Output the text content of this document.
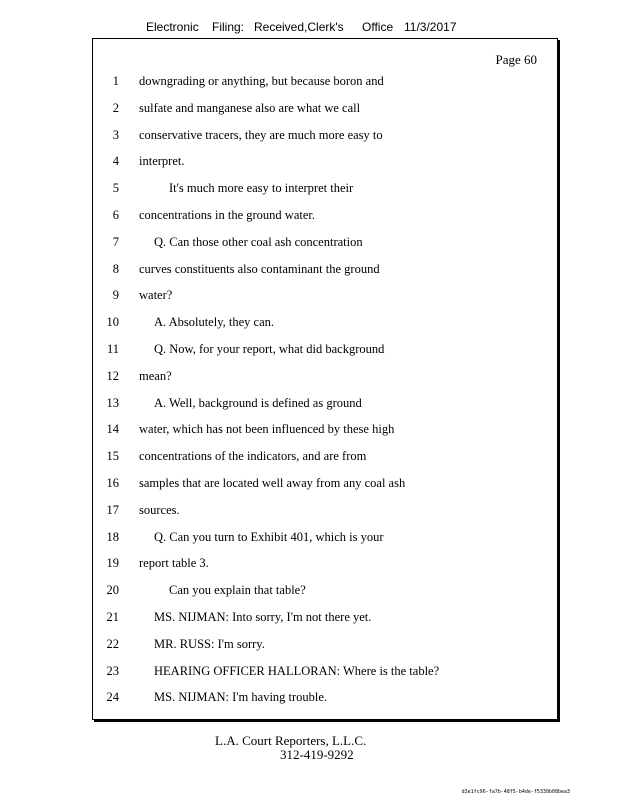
Electronic Filing: Received,Clerk's Office 11/3/2017
Page 60
1 downgrading or anything, but because boron and
2 sulfate and manganese also are what we call
3 conservative tracers, they are much more easy to
4 interpret.
5	It's much more easy to interpret their
6 concentrations in the ground water.
7	Q. Can those other coal ash concentration
8 curves constituents also contaminant the ground
9 water?
10	A. Absolutely, they can.
11	Q. Now, for your report, what did background
12 mean?
13	A. Well, background is defined as ground
14 water, which has not been influenced by these high
15 concentrations of the indicators, and are from
16 samples that are located well away from any coal ash
17 sources.
18	Q. Can you turn to Exhibit 401, which is your
19 report table 3.
20	Can you explain that table?
21	MS. NIJMAN: Into sorry, I'm not there yet.
22	MR. RUSS: I'm sorry.
23	HEARING OFFICER HALLORAN: Where is the table?
24	MS. NIJMAN: I'm having trouble.
L.A. Court Reporters, L.L.C.
312-419-9292
d3e1fc96-fa7b-48f5-b4de-f5330b08bea3
